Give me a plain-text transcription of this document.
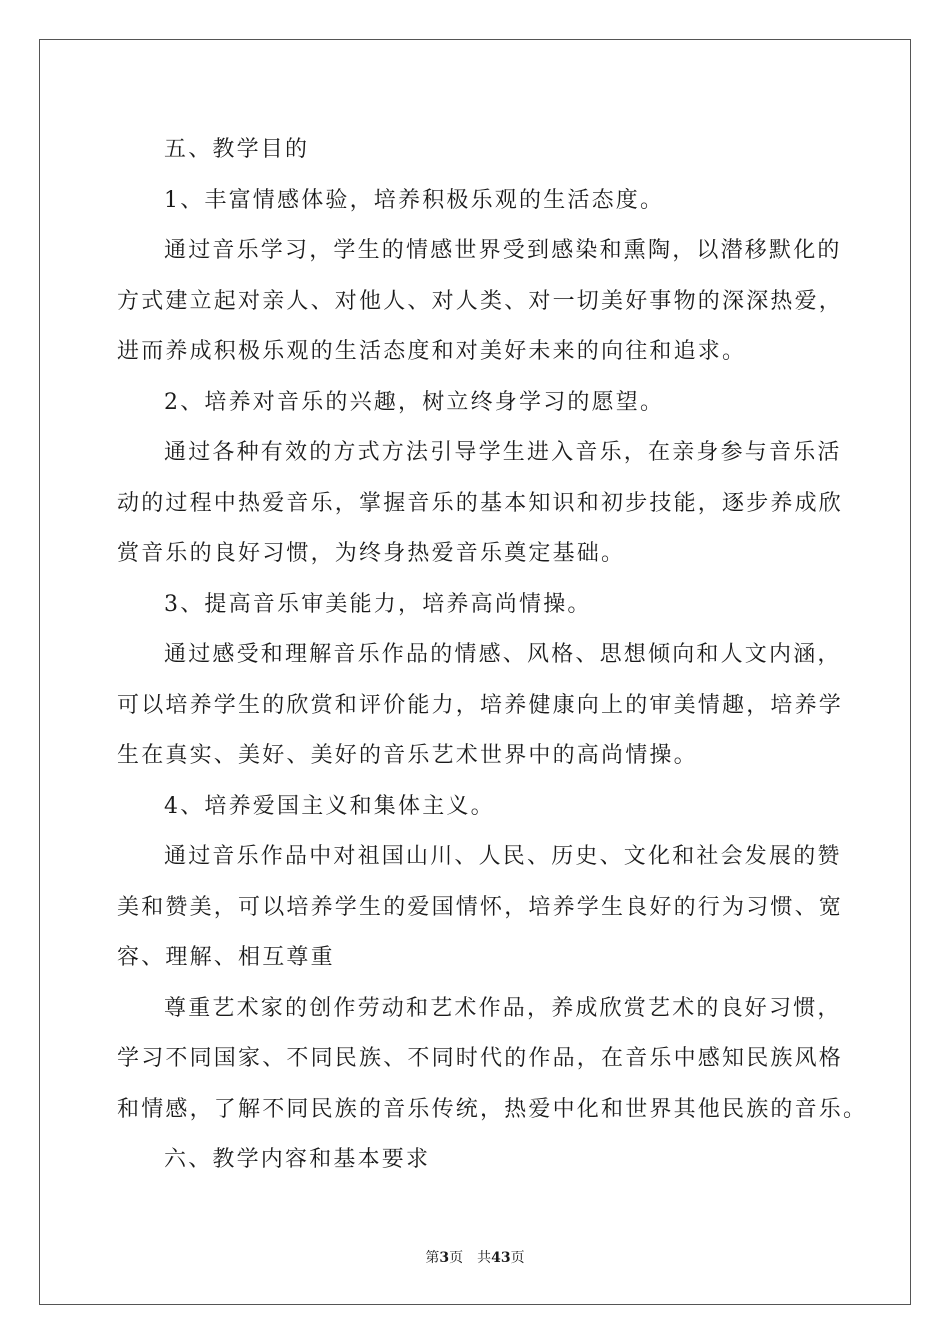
五、教学目的
1、丰富情感体验，培养积极乐观的生活态度。
通过音乐学习，学生的情感世界受到感染和熏陶，以潜移默化的
方式建立起对亲人、对他人、对人类、对一切美好事物的深深热爱，
进而养成积极乐观的生活态度和对美好未来的向往和追求。
2、培养对音乐的兴趣，树立终身学习的愿望。
通过各种有效的方式方法引导学生进入音乐，在亲身参与音乐活
动的过程中热爱音乐，掌握音乐的基本知识和初步技能，逐步养成欣
赏音乐的良好习惯，为终身热爱音乐奠定基础。
3、提高音乐审美能力，培养高尚情操。
通过感受和理解音乐作品的情感、风格、思想倾向和人文内涵，
可以培养学生的欣赏和评价能力，培养健康向上的审美情趣，培养学
生在真实、美好、美好的音乐艺术世界中的高尚情操。
4、培养爱国主义和集体主义。
通过音乐作品中对祖国山川、人民、历史、文化和社会发展的赞
美和赞美，可以培养学生的爱国情怀，培养学生良好的行为习惯、宽
容、理解、相互尊重
尊重艺术家的创作劳动和艺术作品，养成欣赏艺术的良好习惯，
学习不同国家、不同民族、不同时代的作品，在音乐中感知民族风格
和情感，了解不同民族的音乐传统，热爱中化和世界其他民族的音乐。
六、教学内容和基本要求
第3页 共43页
